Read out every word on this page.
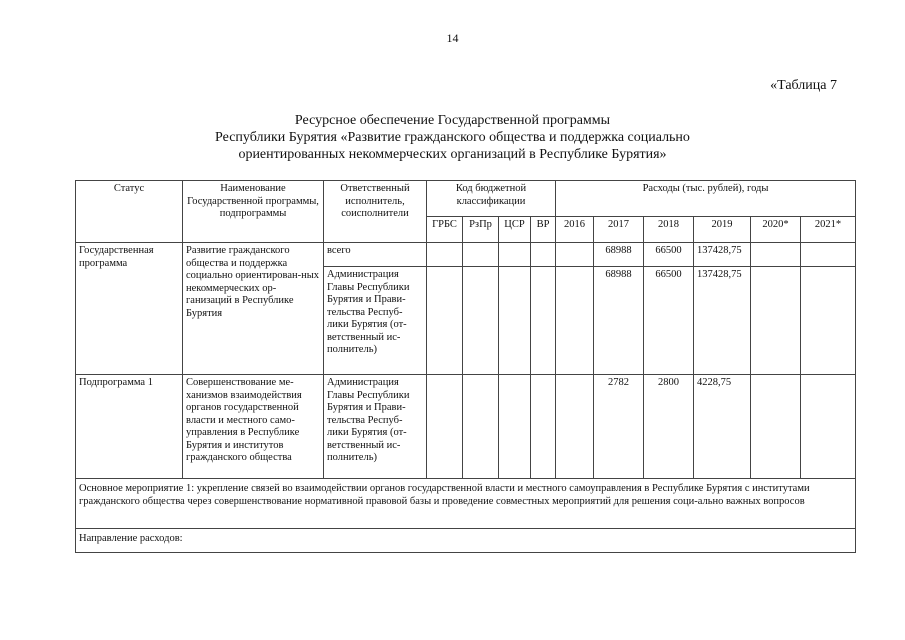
14
«Таблица 7
Ресурсное обеспечение Государственной программы
Республики Бурятия «Развитие гражданского общества и поддержка социально
ориентированных некоммерческих организаций в Республике Бурятия»
Статус	Наименование Государственной программы, подпрограммы	Ответственный исполнитель, соисполнители	Код бюджетной классификации				Расходы (тыс. рублей), годы					
			ГРБС	РзПр	ЦСР	ВР	2016	2017	2018	2019	2020*	2021*
Государственная программа	Развитие гражданского общества и поддержка социально ориентирован-ных некоммерческих ор-ганизаций в Республике Бурятия	всего						68988	66500	137428,75		
		Администрация Главы Республики Бурятия и Прави-тельства Респуб-лики Бурятия (от-ветственный ис-полнитель)						68988	66500	137428,75		
Подпрограмма 1	Совершенствование ме-ханизмов взаимодействия органов государственной власти и местного само-управления в Республике Бурятия и институтов гражданского общества	Администрация Главы Республики Бурятия и Прави-тельства Респуб-лики Бурятия (от-ветственный ис-полнитель)						2782	2800	4228,75		
Основное мероприятие 1: укрепление связей во взаимодействии органов государственной власти и местного самоуправления в Республике Бурятия с институтами гражданского общества через совершенствование нормативной правовой базы и проведение совместных мероприятий для решения соци-ально важных вопросов												
Направление расходов:												
